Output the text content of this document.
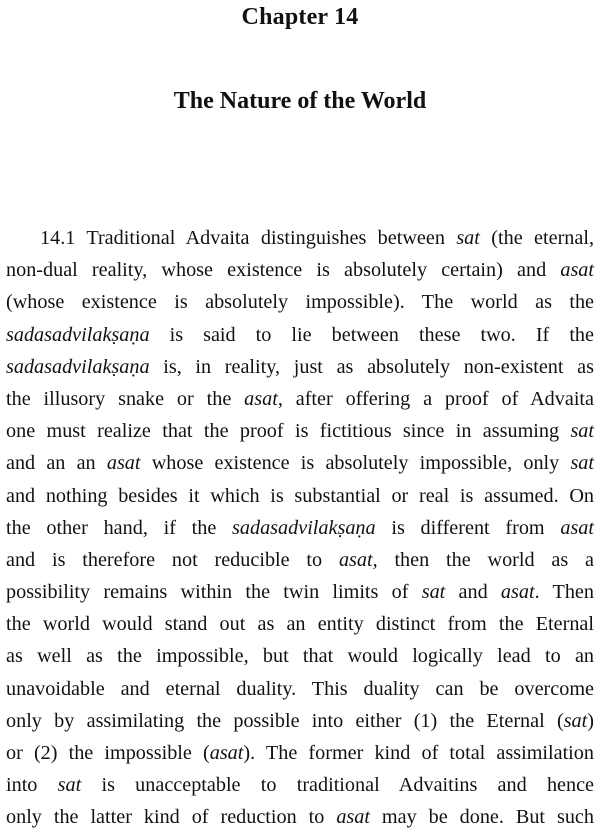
Chapter 14
The Nature of the World
14.1 Traditional Advaita distinguishes between sat (the eternal,
non-dual reality, whose existence is absolutely certain) and asat
(whose existence is absolutely impossible). The world as the
sadasadvilakṣaṇa is said to lie between these two. If the
sadasadvilakṣaṇa is, in reality, just as absolutely non-existent as
the illusory snake or the asat, after offering a proof of Advaita
one must realize that the proof is fictitious since in assuming sat
and an an asat whose existence is absolutely impossible, only sat
and nothing besides it which is substantial or real is assumed. On
the other hand, if the sadasadvilakṣaṇa is different from asat
and is therefore not reducible to asat, then the world as a
possibility remains within the twin limits of sat and asat. Then
the world would stand out as an entity distinct from the Eternal
as well as the impossible, but that would logically lead to an
unavoidable and eternal duality. This duality can be overcome
only by assimilating the possible into either (1) the Eternal (sat)
or (2) the impossible (asat). The former kind of total assimilation
into sat is unacceptable to traditional Advaitins and hence
only the latter kind of reduction to asat may be done. But such
